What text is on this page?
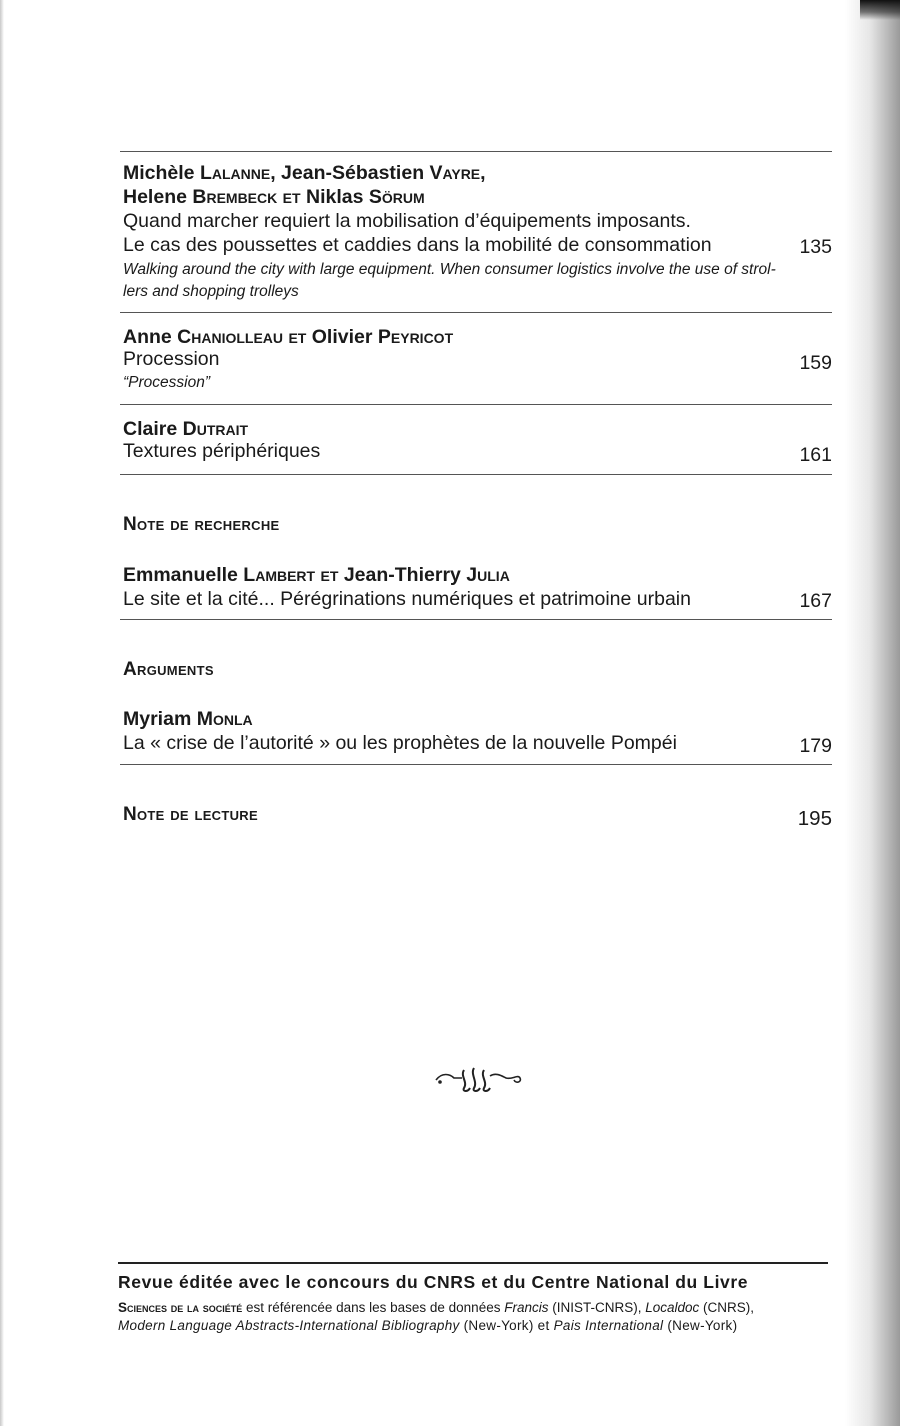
Michèle Lalanne, Jean-Sébastien Vayre,
Helene Brembeck et Niklas Sörum
Quand marcher requiert la mobilisation d’équipements imposants.
Le cas des poussettes et caddies dans la mobilité de consommation	135
Walking around the city with large equipment. When consumer logistics involve the use of strol-
lers and shopping trolleys
Anne Chaniolleau et Olivier Peyricot
Procession	159
“Procession”
Claire Dutrait
Textures périphériques	161
Note de recherche
Emmanuelle Lambert et Jean-Thierry Julia
Le site et la cité... Pérégrinations numériques et patrimoine urbain	167
Arguments
Myriam Monla
La « crise de l’autorité » ou les prophètes de la nouvelle Pompéi	179
Note de lecture	195
Revue éditée avec le concours du CNRS et du Centre National du Livre
Sciences de la société est référencée dans les bases de données Francis (INIST-CNRS), Localdoc (CNRS),
Modern Language Abstracts-International Bibliography (New-York) et Pais International (New-York)
